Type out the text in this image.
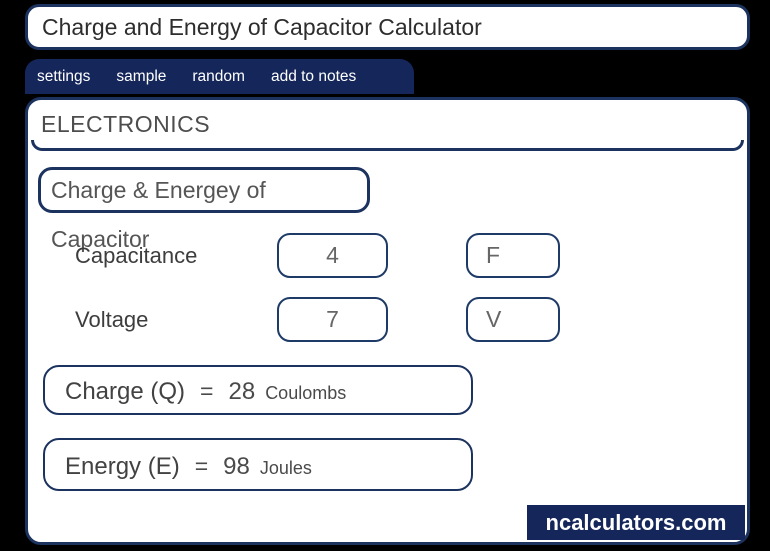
Charge and Energy of Capacitor Calculator
settings sample random add to notes
ELECTRONICS
Charge & Energey of Capacitor
Capacitance
4	F
Voltage
7	V
Charge (Q) = 28 Coulombs
Energy (E) = 98 Joules
ncalculators.com
